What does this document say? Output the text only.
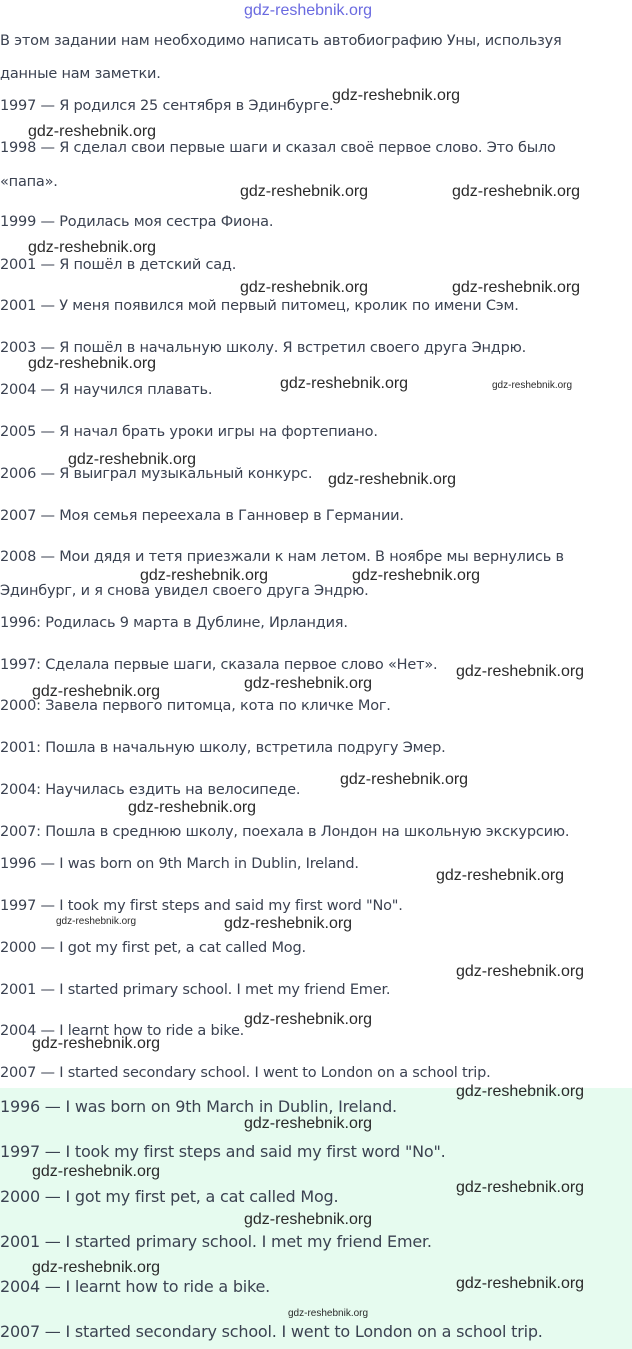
gdz-reshebnik.org
В этом задании нам необходимо написать автобиографию Уны, используя
данные нам заметки.
1997 — Я родился 25 сентября в Эдинбурге.
1998 — Я сделал свои первые шаги и сказал своё первое слово. Это было
«папа».
1999 — Родилась моя сестра Фиона.
2001 — Я пошёл в детский сад.
2001 — У меня появился мой первый питомец, кролик по имени Сэм.
2003 — Я пошёл в начальную школу. Я встретил своего друга Эндрю.
2004 — Я научился плавать.
2005 — Я начал брать уроки игры на фортепиано.
2006 — Я выиграл музыкальный конкурс.
2007 — Моя семья переехала в Ганновер в Германии.
2008 — Мои дядя и тетя приезжали к нам летом. В ноябре мы вернулись в
Эдинбург, и я снова увидел своего друга Эндрю.
1996: Родилась 9 марта в Дублине, Ирландия.
1997: Сделала первые шаги, сказала первое слово «Нет».
2000: Завела первого питомца, кота по кличке Мог.
2001: Пошла в начальную школу, встретила подругу Эмер.
2004: Научилась ездить на велосипеде.
2007: Пошла в среднюю школу, поехала в Лондон на школьную экскурсию.
1996 — I was born on 9th March in Dublin, Ireland.
1997 — I took my first steps and said my first word "No".
2000 — I got my first pet, a cat called Mog.
2001 — I started primary school. I met my friend Emer.
2004 — I learnt how to ride a bike.
2007 — I started secondary school. I went to London on a school trip.
1996 — I was born on 9th March in Dublin, Ireland.
1997 — I took my first steps and said my first word "No".
2000 — I got my first pet, a cat called Mog.
2001 — I started primary school. I met my friend Emer.
2004 — I learnt how to ride a bike.
2007 — I started secondary school. I went to London on a school trip.
gdz-reshebnik.org
gdz-reshebnik.org
gdz-reshebnik.org	gdz-reshebnik.org
gdz-reshebnik.org
gdz-reshebnik.org	gdz-reshebnik.org
gdz-reshebnik.org
gdz-reshebnik.org	gdz-reshebnik.org
gdz-reshebnik.org
gdz-reshebnik.org
gdz-reshebnik.org	gdz-reshebnik.org
gdz-reshebnik.org
gdz-reshebnik.org
gdz-reshebnik.org
gdz-reshebnik.org
gdz-reshebnik.org
gdz-reshebnik.org
gdz-reshebnik.org	gdz-reshebnik.org
gdz-reshebnik.org
gdz-reshebnik.org
gdz-reshebnik.org
gdz-reshebnik.org
gdz-reshebnik.org
gdz-reshebnik.org
gdz-reshebnik.org
gdz-reshebnik.org
gdz-reshebnik.org
gdz-reshebnik.org
gdz-reshebnik.org
